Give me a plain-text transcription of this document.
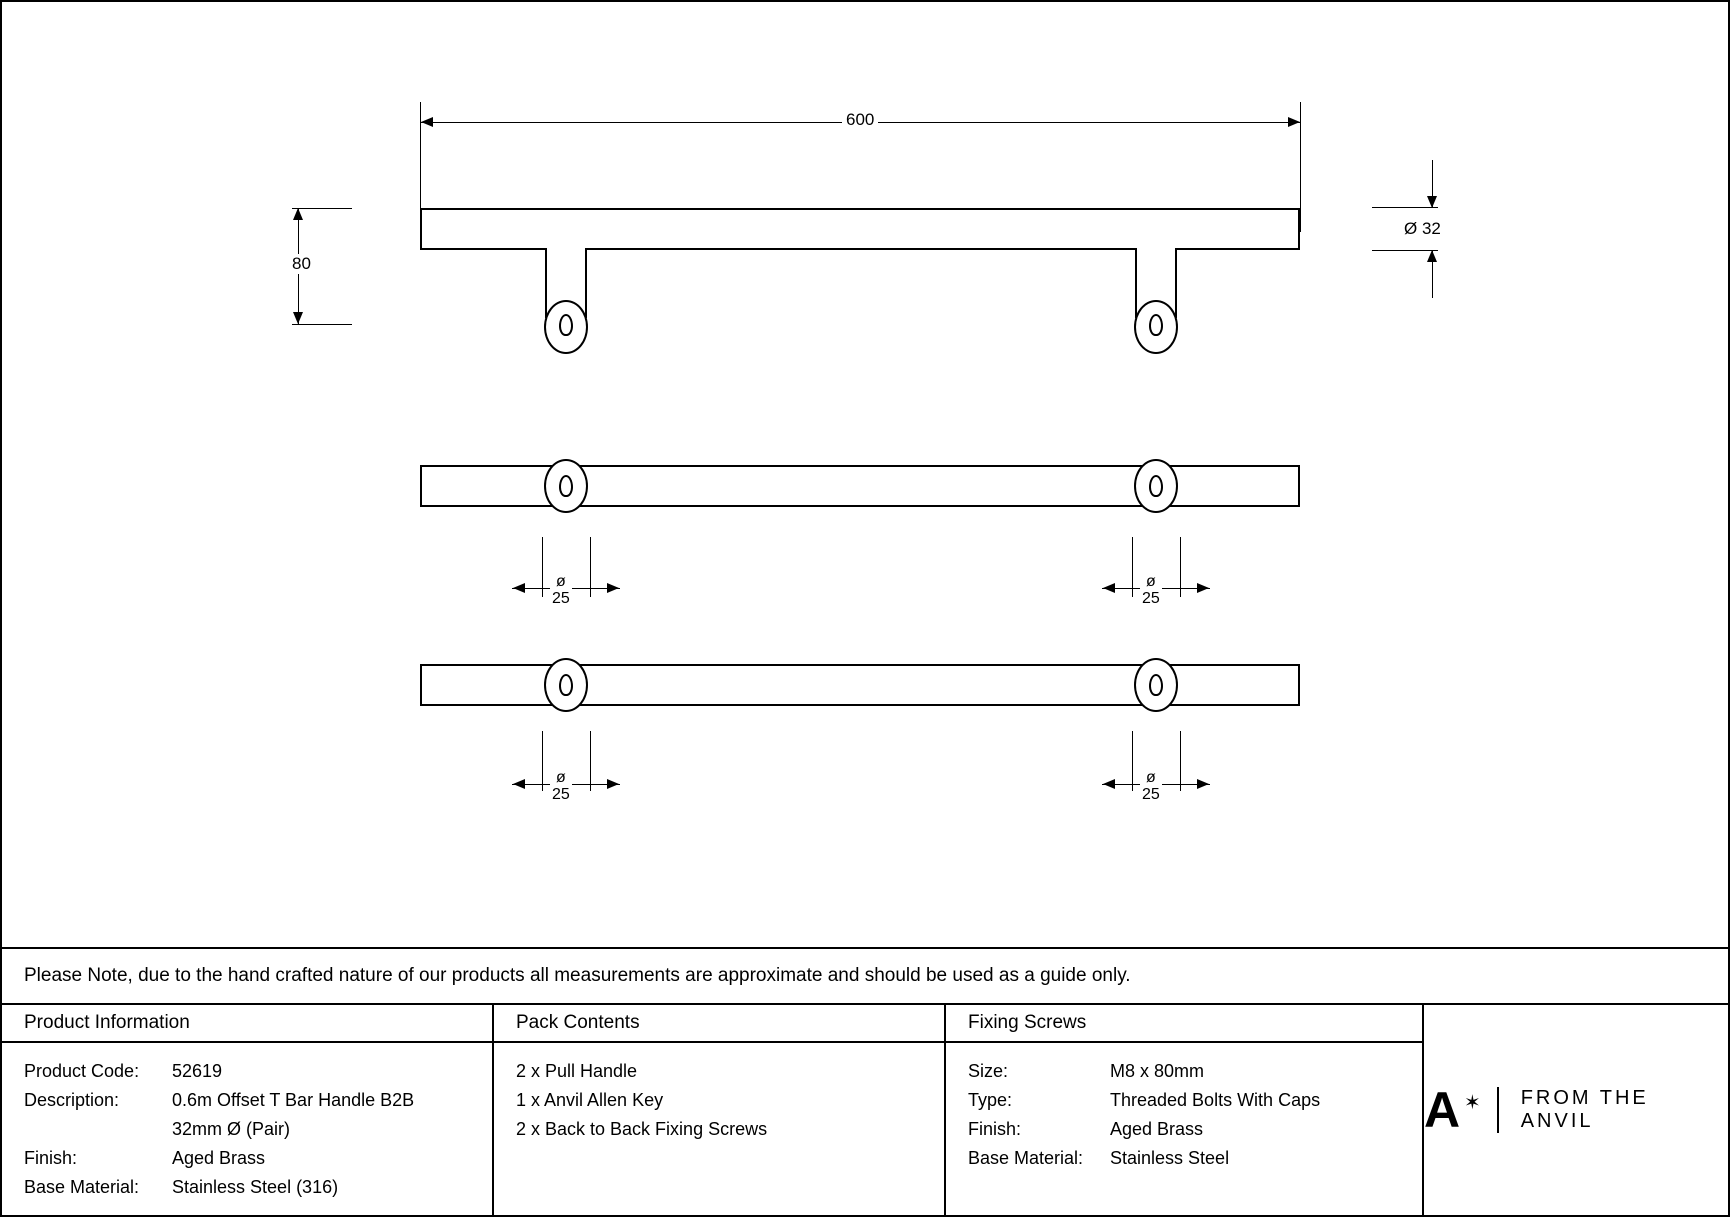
600
80
Ø 32
ø
25
ø
25
ø
25
ø
25
Please Note, due to the hand crafted nature of our products all measurements are approximate and should be used as a guide only.
Product Information
Product Code:	52619
Description:	0.6m Offset T Bar Handle B2B
32mm Ø (Pair)
Finish:	Aged Brass
Base Material:	Stainless Steel (316)
Pack Contents
2 x Pull Handle
1 x Anvil Allen Key
2 x Back to Back Fixing Screws
Fixing Screws
Size:	M8 x 80mm
Type:	Threaded Bolts With Caps
Finish:	Aged Brass
Base Material:	Stainless Steel
A ✶ FROM THE ANVIL
